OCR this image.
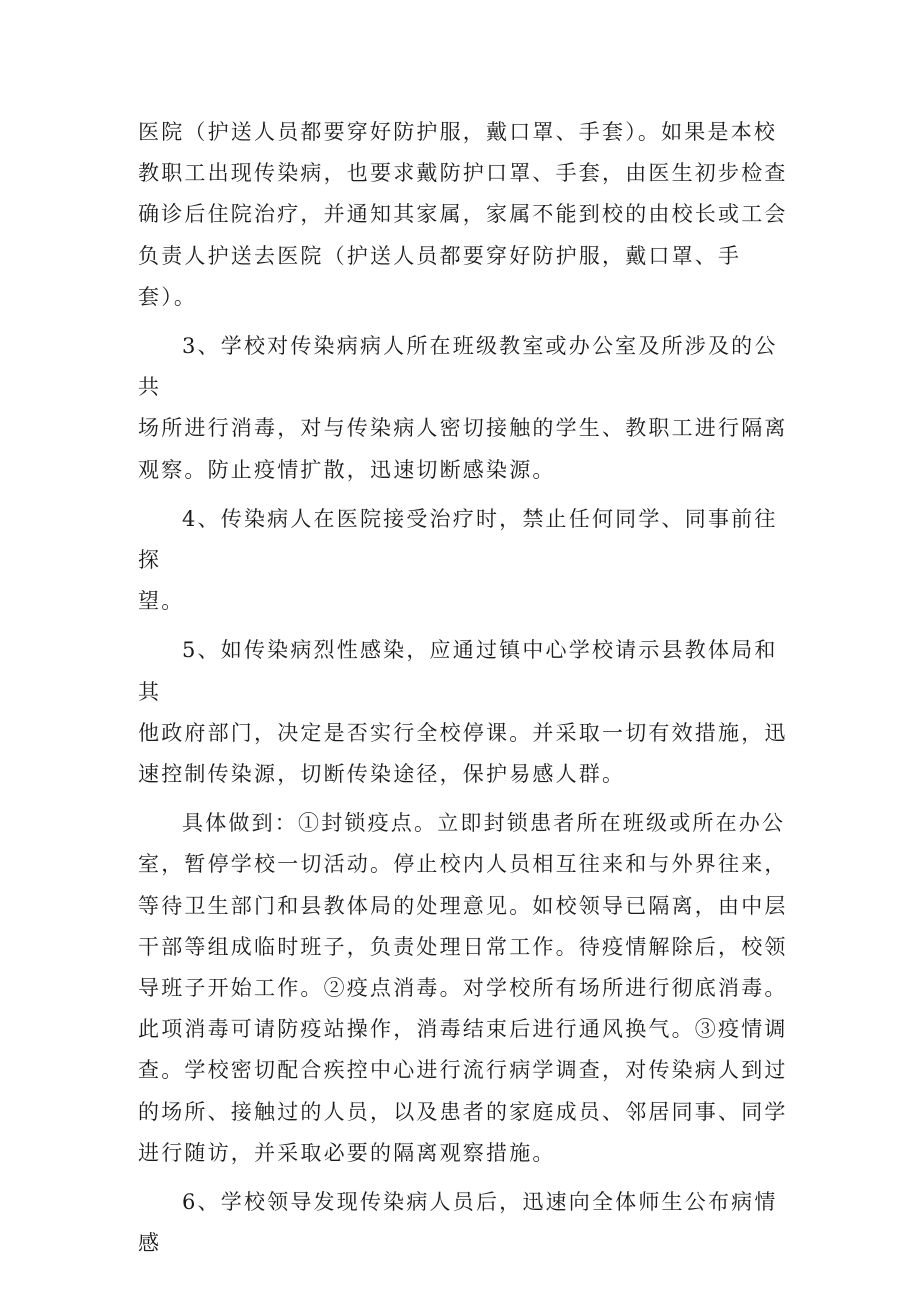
医院（护送人员都要穿好防护服，戴口罩、手套）。如果是本校
教职工出现传染病，也要求戴防护口罩、手套，由医生初步检查
确诊后住院治疗，并通知其家属，家属不能到校的由校长或工会
负责人护送去医院（护送人员都要穿好防护服，戴口罩、手套）。

3、学校对传染病病人所在班级教室或办公室及所涉及的公共
场所进行消毒，对与传染病人密切接触的学生、教职工进行隔离
观察。防止疫情扩散，迅速切断感染源。

4、传染病人在医院接受治疗时，禁止任何同学、同事前往探
望。

5、如传染病烈性感染，应通过镇中心学校请示县教体局和其
他政府部门，决定是否实行全校停课。并采取一切有效措施，迅
速控制传染源，切断传染途径，保护易感人群。

具体做到：①封锁疫点。立即封锁患者所在班级或所在办公
室，暂停学校一切活动。停止校内人员相互往来和与外界往来，
等待卫生部门和县教体局的处理意见。如校领导已隔离，由中层
干部等组成临时班子，负责处理日常工作。待疫情解除后，校领
导班子开始工作。②疫点消毒。对学校所有场所进行彻底消毒。
此项消毒可请防疫站操作，消毒结束后进行通风换气。③疫情调
查。学校密切配合疾控中心进行流行病学调查，对传染病人到过
的场所、接触过的人员，以及患者的家庭成员、邻居同事、同学
进行随访，并采取必要的隔离观察措施。

6、学校领导发现传染病人员后，迅速向全体师生公布病情感
